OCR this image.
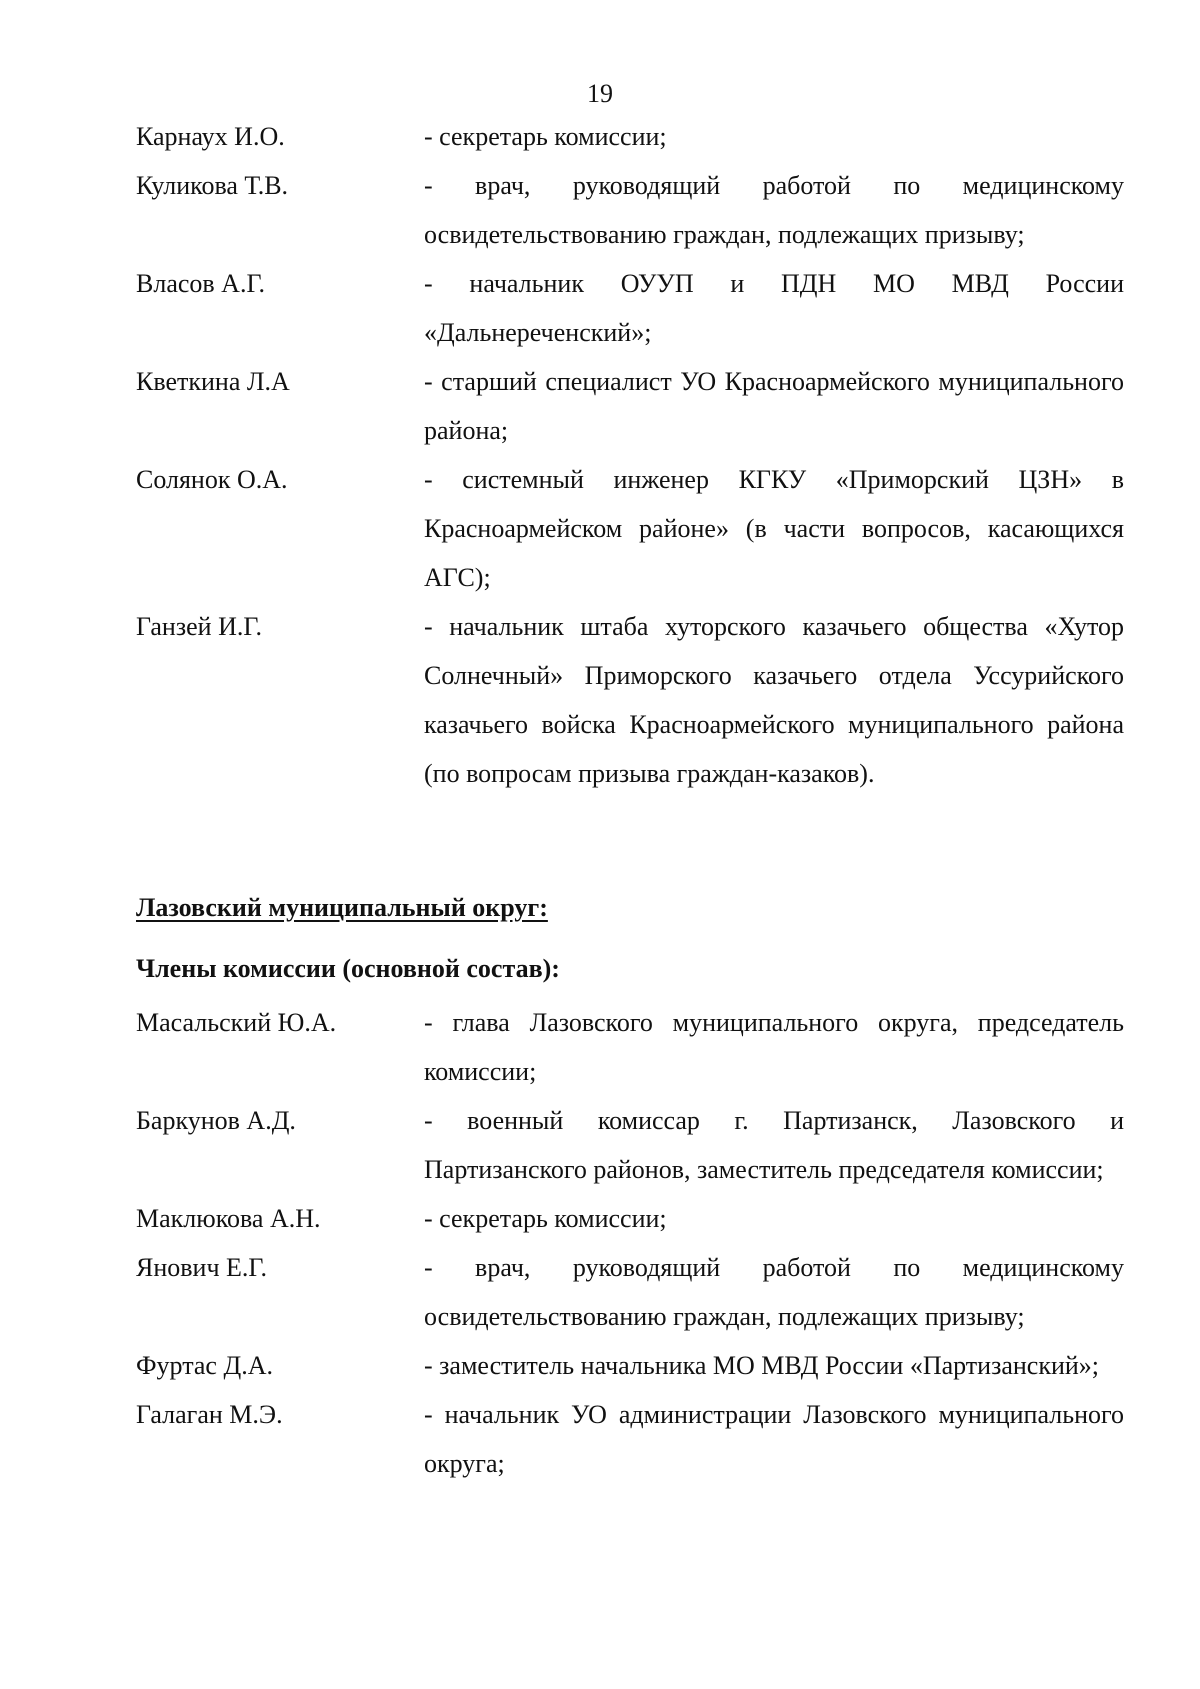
19
Карнаух И.О.	- секретарь комиссии;
Куликова Т.В.	- врач, руководящий работой по медицинскому освидетельствованию граждан, подлежащих призыву;
Власов А.Г.	- начальник ОУУП и ПДН МО МВД России «Дальнереченский»;
Кветкина Л.А	- старший специалист УО Красноармейского муниципального района;
Солянок О.А.	- системный инженер КГКУ «Приморский ЦЗН» в Красноармейском районе» (в части вопросов, касающихся АГС);
Ганзей И.Г.	- начальник штаба хуторского казачьего общества «Хутор Солнечный» Приморского казачьего отдела Уссурийского казачьего войска Красноармейского муниципального района (по вопросам призыва граждан-казаков).
Лазовский муниципальный округ:
Члены комиссии (основной состав):
Масальский Ю.А.	- глава Лазовского муниципального округа, председатель комиссии;
Баркунов А.Д.	- военный комиссар г. Партизанск, Лазовского и Партизанского районов, заместитель председателя комиссии;
Маклюкова А.Н.	- секретарь комиссии;
Янович Е.Г.	- врач, руководящий работой по медицинскому освидетельствованию граждан, подлежащих призыву;
Фуртас Д.А.	- заместитель начальника МО МВД России «Партизанский»;
Галаган М.Э.	- начальник УО администрации Лазовского муниципального округа;
